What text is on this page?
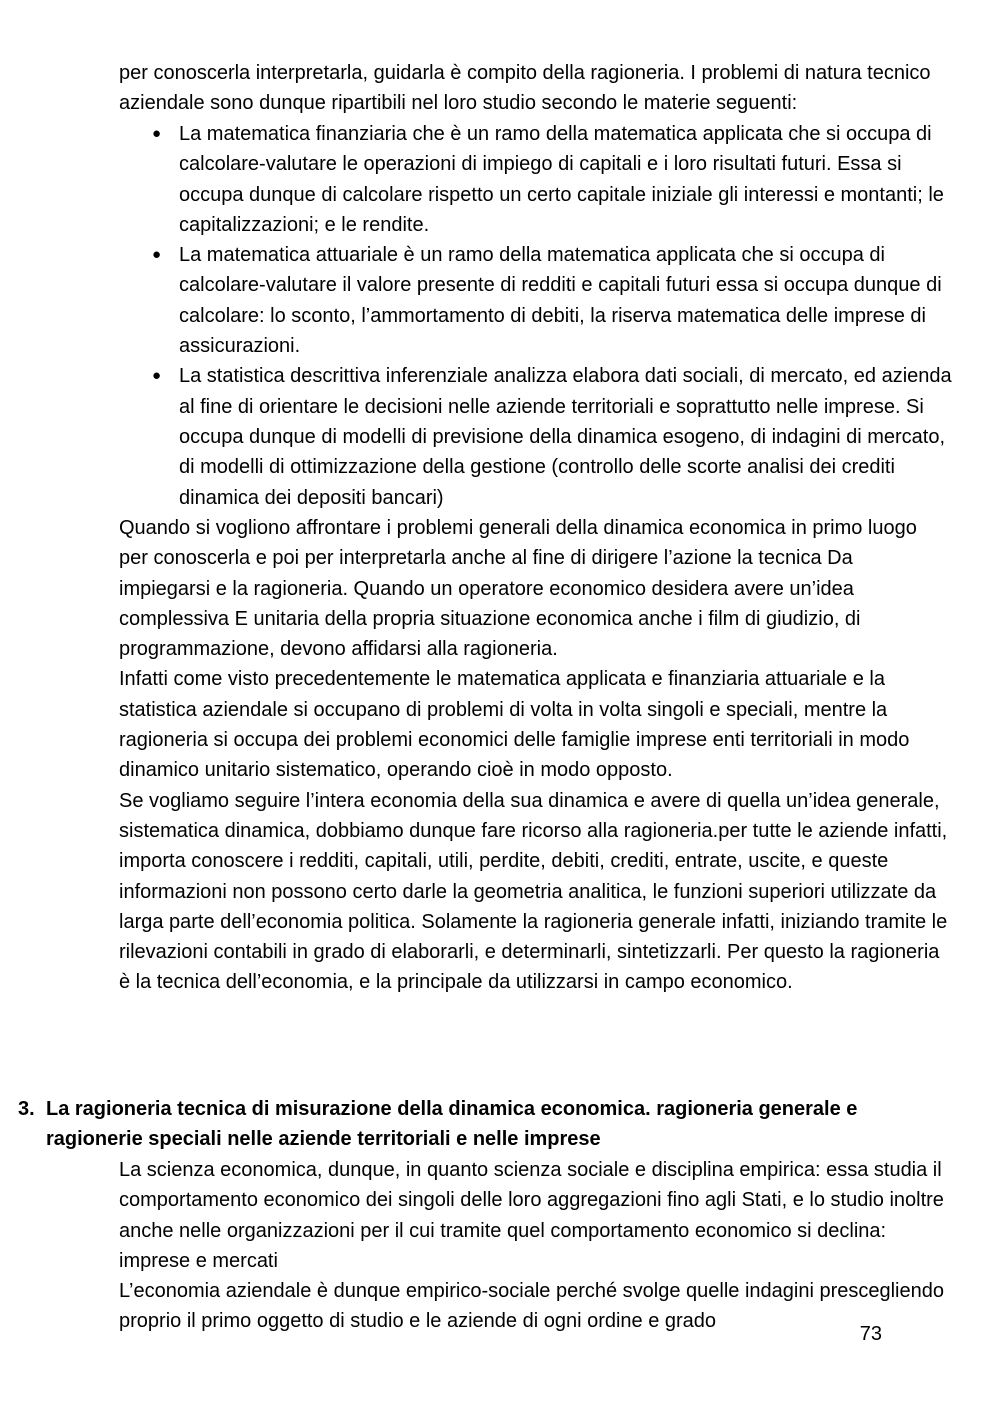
per conoscerla interpretarla, guidarla è compito della ragioneria. I problemi di natura tecnico aziendale sono dunque ripartibili nel loro studio secondo le materie seguenti:

● La matematica finanziaria che è un ramo della matematica applicata che si occupa di calcolare-valutare le operazioni di impiego di capitali e i loro risultati futuri. Essa si occupa dunque di calcolare rispetto un certo capitale iniziale gli interessi e montanti; le capitalizzazioni; e le rendite.
● La matematica attuariale è un ramo della matematica applicata che si occupa di calcolare-valutare il valore presente di redditi e capitali futuri essa si occupa dunque di calcolare: lo sconto, l’ammortamento di debiti, la riserva matematica delle imprese di assicurazioni.
● La statistica descrittiva inferenziale analizza elabora dati sociali, di mercato, ed azienda al fine di orientare le decisioni nelle aziende territoriali e soprattutto nelle imprese. Si occupa dunque di modelli di previsione della dinamica esogeno, di indagini di mercato, di modelli di ottimizzazione della gestione (controllo delle scorte analisi dei crediti dinamica dei depositi bancari)

Quando si vogliono affrontare i problemi generali della dinamica economica in primo luogo per conoscerla e poi per interpretarla anche al fine di dirigere l’azione la tecnica Da impiegarsi e la ragioneria. Quando un operatore economico desidera avere un’idea complessiva E unitaria della propria situazione economica anche i film di giudizio, di programmazione, devono affidarsi alla ragioneria.

Infatti come visto precedentemente le matematica applicata e finanziaria attuariale e la statistica aziendale si occupano di problemi di volta in volta singoli e speciali, mentre la ragioneria si occupa dei problemi economici delle famiglie imprese enti territoriali in modo dinamico unitario sistematico, operando cioè in modo opposto.

Se vogliamo seguire l’intera economia della sua dinamica e avere di quella un’idea generale, sistematica dinamica, dobbiamo dunque fare ricorso alla ragioneria.per tutte le aziende infatti, importa conoscere i redditi, capitali, utili, perdite, debiti, crediti, entrate, uscite, e queste informazioni non possono certo darle la geometria analitica, le funzioni superiori utilizzate da larga parte dell’economia politica. Solamente la ragioneria generale infatti, iniziando tramite le rilevazioni contabili in grado di elaborarli, e determinarli, sintetizzarli. Per questo la ragioneria è la tecnica dell’economia, e la principale da utilizzarsi in campo economico.

3. La ragioneria tecnica di misurazione della dinamica economica. ragioneria generale e ragionerie speciali nelle aziende territoriali e nelle imprese

La scienza economica, dunque, in quanto scienza sociale e disciplina empirica: essa studia il comportamento economico dei singoli delle loro aggregazioni fino agli Stati, e lo studio inoltre anche nelle organizzazioni per il cui tramite quel comportamento economico si declina: imprese e mercati

L’economia aziendale è dunque empirico-sociale perché svolge quelle indagini prescegliendo proprio il primo oggetto di studio e le aziende di ogni ordine e grado

73
